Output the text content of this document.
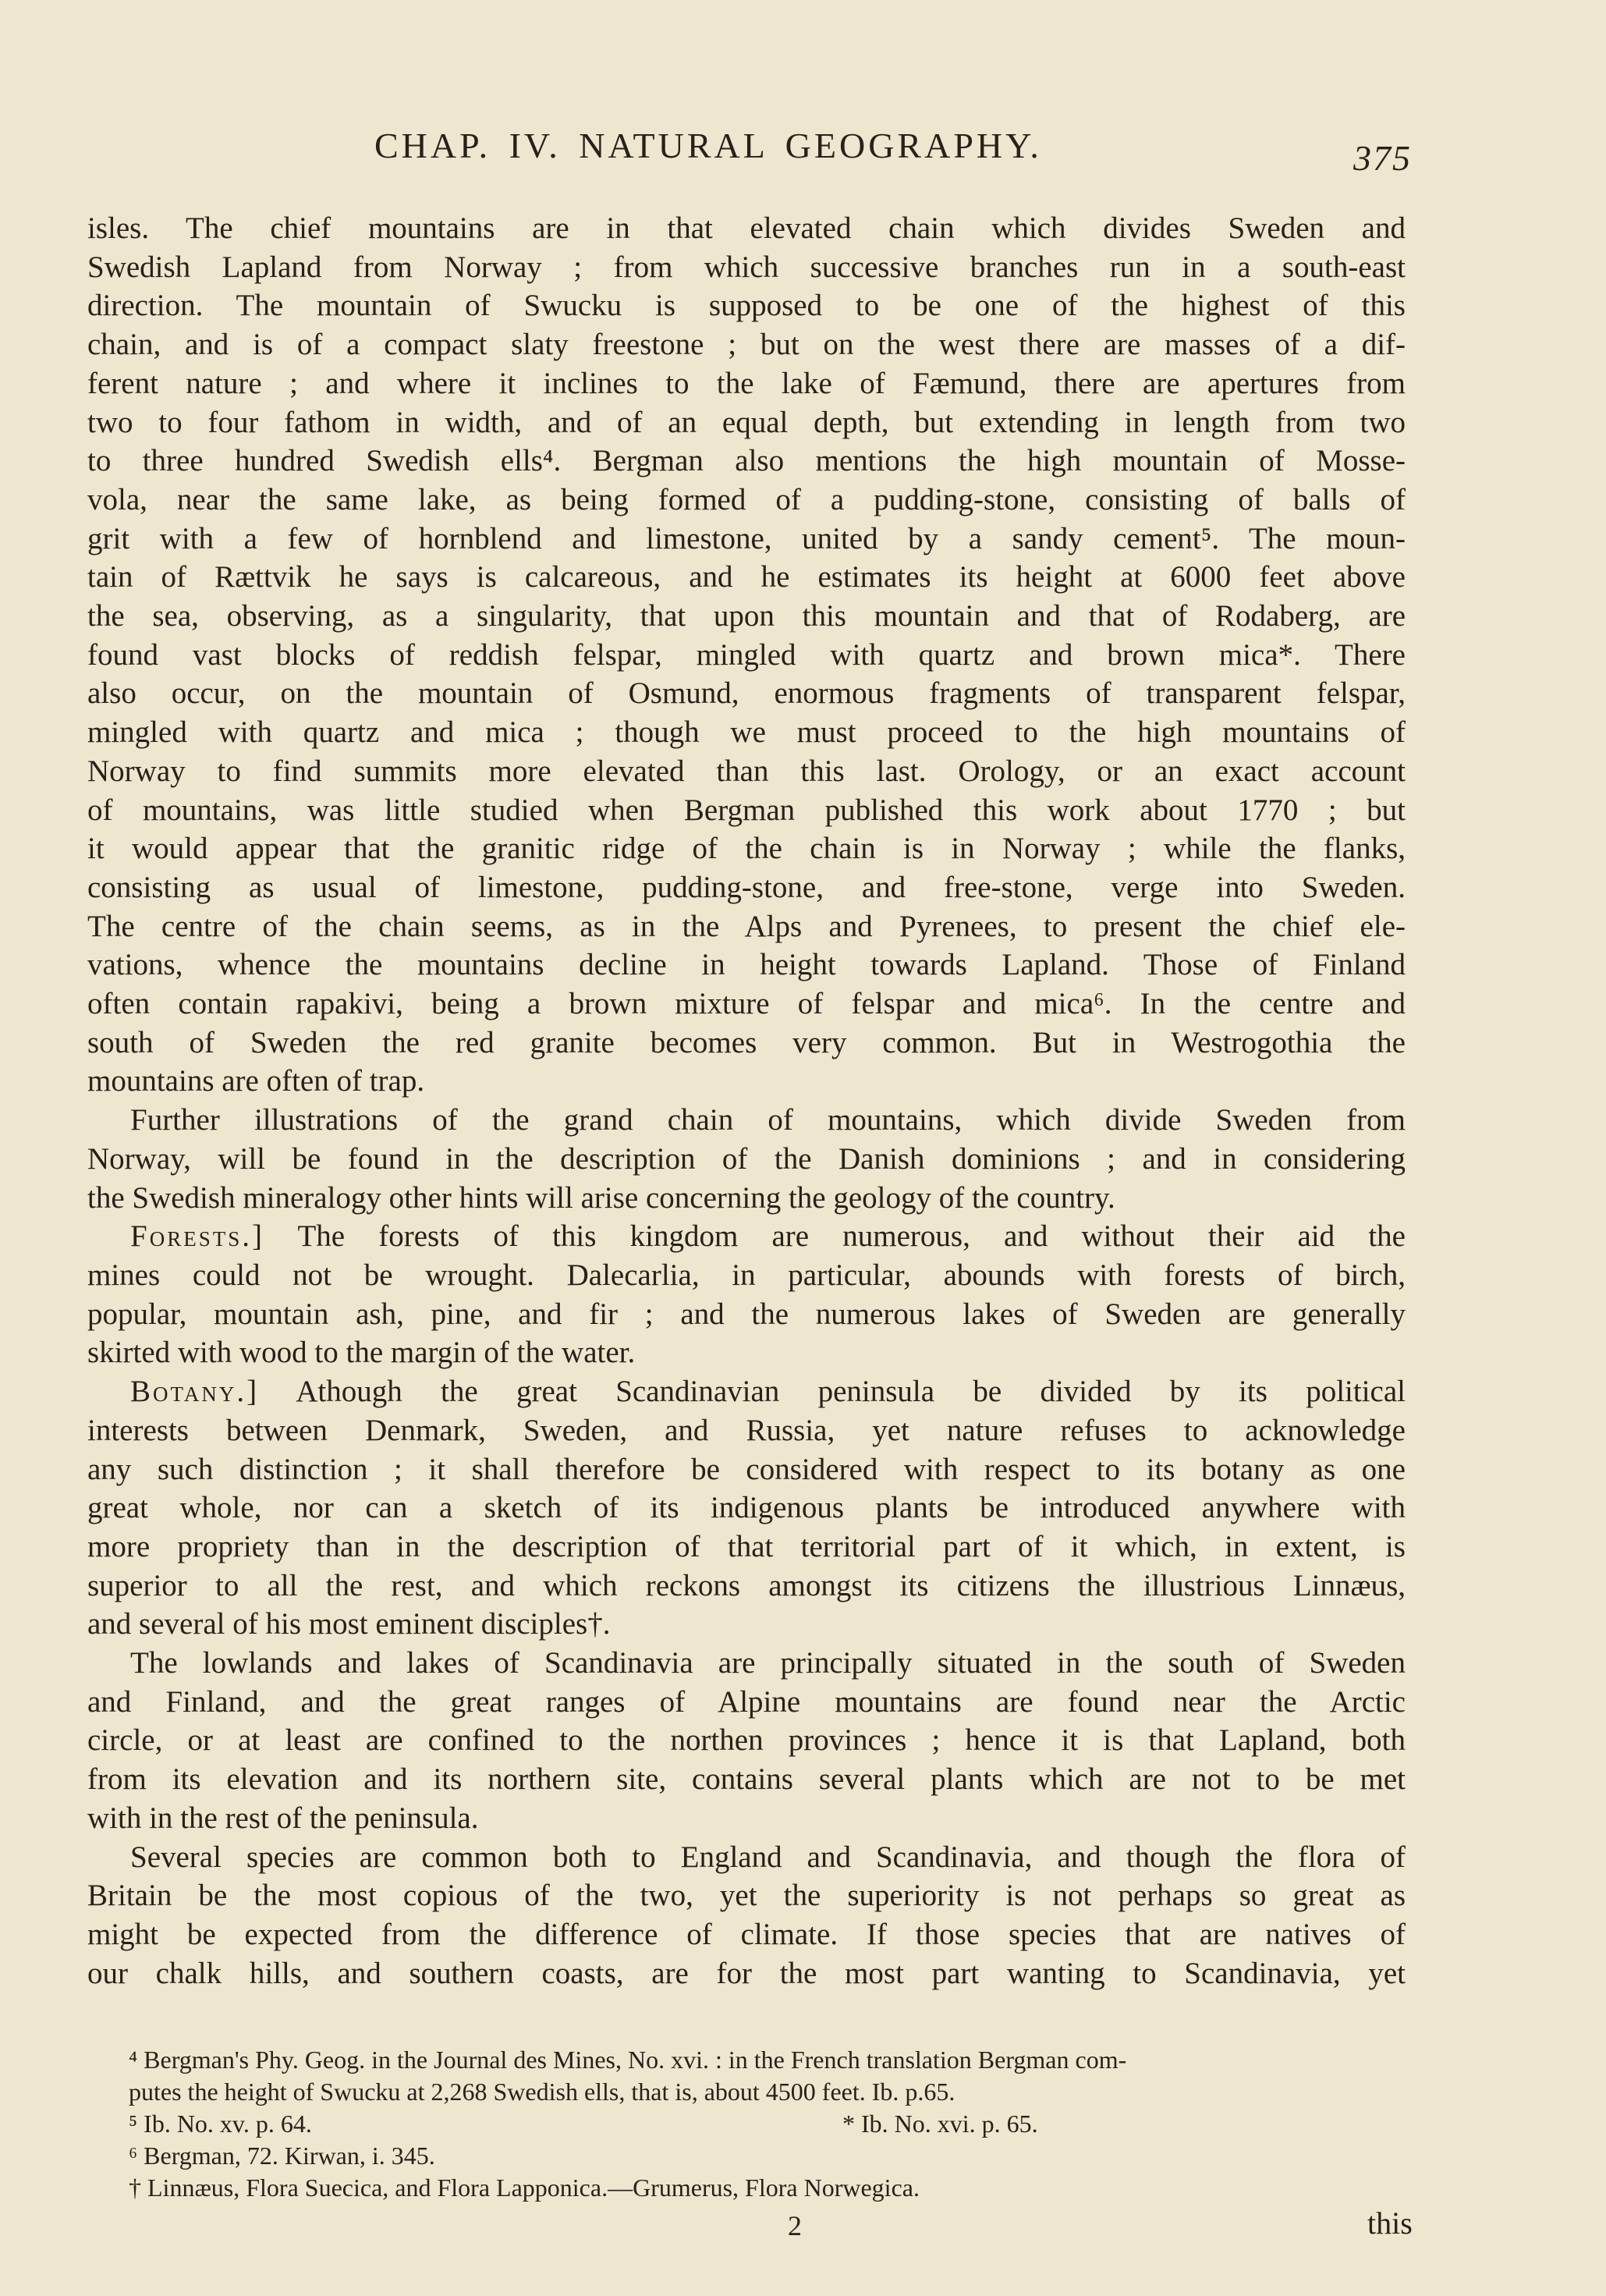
CHAP. IV. NATURAL GEOGRAPHY.	375
isles. The chief mountains are in that elevated chain which divides Sweden and
Swedish Lapland from Norway ; from which successive branches run in a south-east
direction. The mountain of Swucku is supposed to be one of the highest of this
chain, and is of a compact slaty freestone ; but on the west there are masses of a dif-
ferent nature ; and where it inclines to the lake of Fæmund, there are apertures from
two to four fathom in width, and of an equal depth, but extending in length from two
to three hundred Swedish ells⁴. Bergman also mentions the high mountain of Mosse-
vola, near the same lake, as being formed of a pudding-stone, consisting of balls of
grit with a few of hornblend and limestone, united by a sandy cement⁵. The moun-
tain of Rættvik he says is calcareous, and he estimates its height at 6000 feet above
the sea, observing, as a singularity, that upon this mountain and that of Rodaberg, are
found vast blocks of reddish felspar, mingled with quartz and brown mica*. There
also occur, on the mountain of Osmund, enormous fragments of transparent felspar,
mingled with quartz and mica ; though we must proceed to the high mountains of
Norway to find summits more elevated than this last. Orology, or an exact account
of mountains, was little studied when Bergman published this work about 1770 ; but
it would appear that the granitic ridge of the chain is in Norway ; while the flanks,
consisting as usual of limestone, pudding-stone, and free-stone, verge into Sweden.
The centre of the chain seems, as in the Alps and Pyrenees, to present the chief ele-
vations, whence the mountains decline in height towards Lapland. Those of Finland
often contain rapakivi, being a brown mixture of felspar and mica⁶. In the centre and
south of Sweden the red granite becomes very common. But in Westrogothia the
mountains are often of trap.
Further illustrations of the grand chain of mountains, which divide Sweden from
Norway, will be found in the description of the Danish dominions ; and in considering
the Swedish mineralogy other hints will arise concerning the geology of the country.
Forests.] The forests of this kingdom are numerous, and without their aid the
mines could not be wrought. Dalecarlia, in particular, abounds with forests of birch,
popular, mountain ash, pine, and fir ; and the numerous lakes of Sweden are generally
skirted with wood to the margin of the water.
Botany.] Athough the great Scandinavian peninsula be divided by its political
interests between Denmark, Sweden, and Russia, yet nature refuses to acknowledge
any such distinction ; it shall therefore be considered with respect to its botany as one
great whole, nor can a sketch of its indigenous plants be introduced anywhere with
more propriety than in the description of that territorial part of it which, in extent, is
superior to all the rest, and which reckons amongst its citizens the illustrious Linnæus,
and several of his most eminent disciples†.
The lowlands and lakes of Scandinavia are principally situated in the south of Sweden
and Finland, and the great ranges of Alpine mountains are found near the Arctic
circle, or at least are confined to the northen provinces ; hence it is that Lapland, both
from its elevation and its northern site, contains several plants which are not to be met
with in the rest of the peninsula.
Several species are common both to England and Scandinavia, and though the flora of
Britain be the most copious of the two, yet the superiority is not perhaps so great as
might be expected from the difference of climate. If those species that are natives of
our chalk hills, and southern coasts, are for the most part wanting to Scandinavia, yet
⁴ Bergman's Phy. Geog. in the Journal des Mines, No. xvi. : in the French translation Bergman com-
putes the height of Swucku at 2,268 Swedish ells, that is, about 4500 feet. Ib. p.65.
⁵ Ib. No. xv. p. 64.	* Ib. No. xvi. p. 65.
⁶ Bergman, 72. Kirwan, i. 345.
† Linnæus, Flora Suecica, and Flora Lapponica.—Grumerus, Flora Norwegica.
2	this
